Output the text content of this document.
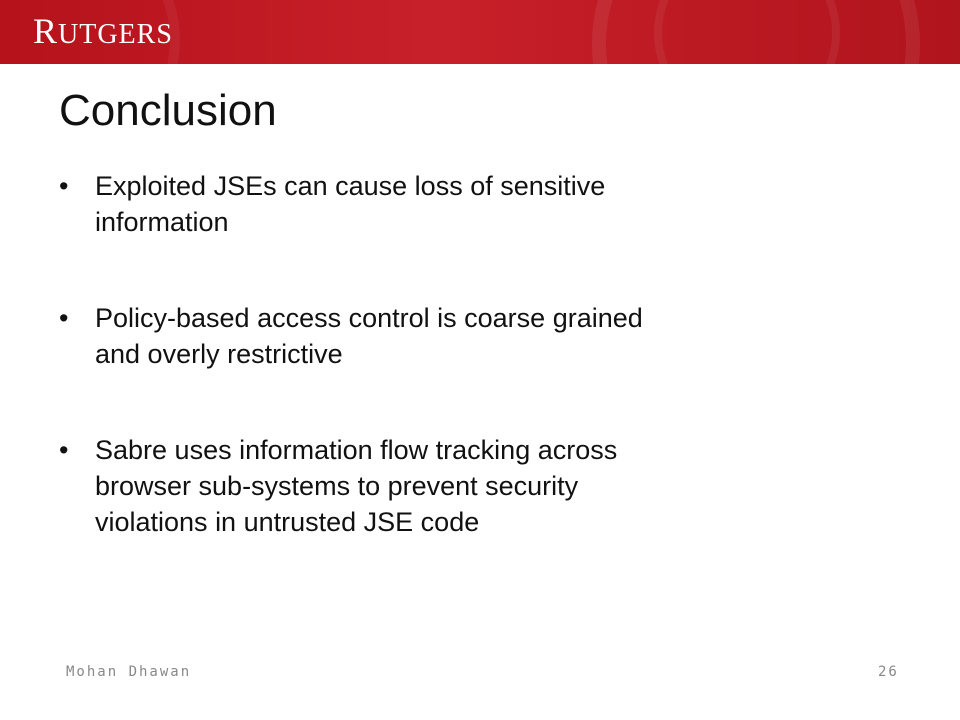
RUTGERS
Conclusion
• Exploited JSEs can cause loss of sensitive
information
• Policy-based access control is coarse grained
and overly restrictive
• Sabre uses information flow tracking across
browser sub-systems to prevent security
violations in untrusted JSE code
Mohan Dhawan	26
